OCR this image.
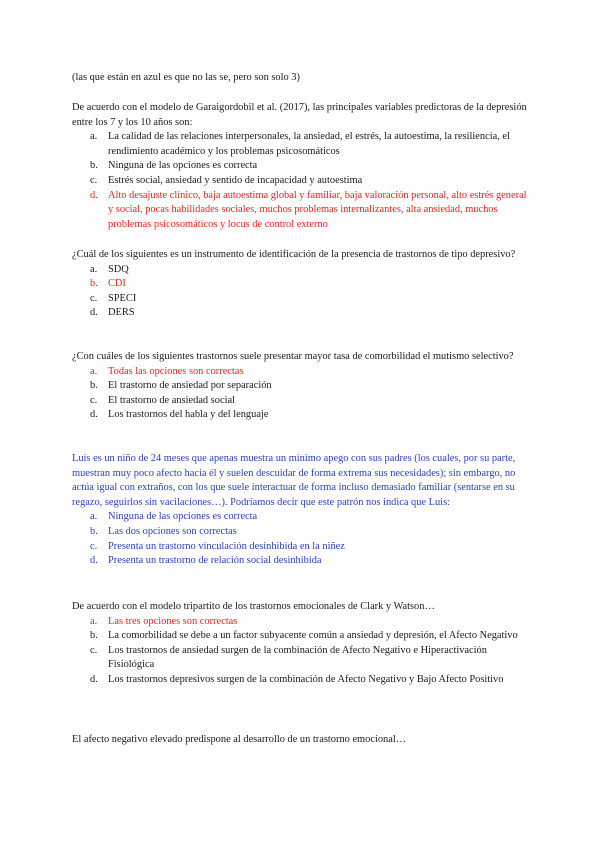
(las que están en azul es que no las se, pero son solo 3)

De acuerdo con el modelo de Garaigordobil et al. (2017), las principales variables predictoras de la depresión entre los 7 y los 10 años son:

a. La calidad de las relaciones interpersonales, la ansiedad, el estrés, la autoestima, la resiliencia, el rendimiento académico y los problemas psicosomáticos
b. Ninguna de las opciones es correcta
c. Estrés social, ansiedad y sentido de incapacidad y autoestima
d. Alto desajuste clínico, baja autoestima global y familiar, baja valoración personal, alto estrés general y social, pocas habilidades sociales, muchos problemas internalizantes, alta ansiedad, muchos problemas psicosomáticos y locus de control externo

¿Cuál de los siguientes es un instrumento de identificación de la presencia de trastornos de tipo depresivo?

a. SDQ
b. CDI
c. SPECI
d. DERS

¿Con cuáles de los siguientes trastornos suele presentar mayor tasa de comorbilidad el mutismo selectivo?

a. Todas las opciones son correctas
b. El trastorno de ansiedad por separación
c. El trastorno de ansiedad social
d. Los trastornos del habla y del lenguaje

Luis es un niño de 24 meses que apenas muestra un mínimo apego con sus padres (los cuales, por su parte, muestran muy poco afecto hacia él y suelen descuidar de forma extrema sus necesidades); sin embargo, no actúa igual con extraños, con los que suele interactuar de forma incluso demasiado familiar (sentarse en su regazo, seguirlos sin vacilaciones…). Podríamos decir que este patrón nos indica que Luis:

a. Ninguna de las opciones es correcta
b. Las dos opciones son correctas
c. Presenta un trastorno vinculación desinhibida en la niñez
d. Presenta un trastorno de relación social desinhibida

De acuerdo con el modelo tripartito de los trastornos emocionales de Clark y Watson…

a. Las tres opciones son correctas
b. La comorbilidad se debe a un factor subyacente común a ansiedad y depresión, el Afecto Negativo
c. Los trastornos de ansiedad surgen de la combinación de Afecto Negativo e Hiperactivación Fisiológica
d. Los trastornos depresivos surgen de la combinación de Afecto Negativo y Bajo Afecto Positivo

El afecto negativo elevado predispone al desarrollo de un trastorno emocional…
